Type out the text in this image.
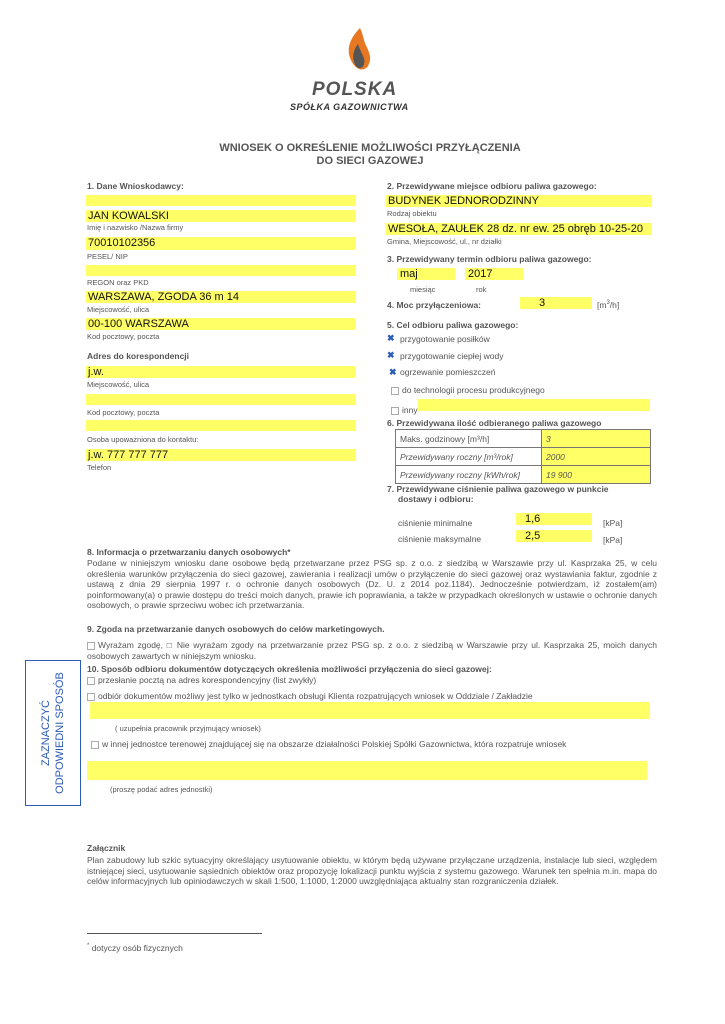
POLSKA
SPÓŁKA GAZOWNICTWA
WNIOSEK O OKREŚLENIE MOŻLIWOŚCI PRZYŁĄCZENIA
DO SIECI GAZOWEJ
1. Dane Wnioskodawcy:
JAN KOWALSKI
Imię i nazwisko /Nazwa firmy
70010102356
PESEL/ NIP
REGON oraz PKD
WARSZAWA, ZGODA 36 m 14
Miejscowość, ulica
00-100 WARSZAWA
Kod pocztowy, poczta
Adres do korespondencji
j.w.
Miejscowość, ulica
Kod pocztowy, poczta
Osoba upoważniona do kontaktu:
j.w. 777 777 777
Telefon
2. Przewidywane miejsce odbioru paliwa gazowego:
BUDYNEK JEDNORODZINNY
Rodzaj obiektu
WESOŁA, ZAUŁEK 28 dz. nr ew. 25 obręb 10-25-20
Gmina, Miejscowość, ul., nr działki
3. Przewidywany termin odbioru paliwa gazowego:
maj	2017
miesiąc	rok
4. Moc przyłączeniowa:	3	$[m^3/h]$
5. Cel odbioru paliwa gazowego:
✖ przygotowanie posiłków
✖ przygotowanie ciepłej wody
✖ ogrzewanie pomieszczeń
do technologii procesu produkcyjnego
inny
6. Przewidywana ilość odbieranego paliwa gazowego
Maks. godzinowy [m³/h]	3
Przewidywany roczny [m³/rok]	2000
Przewidywany roczny [kWh/rok]	19 900
7. Przewidywane ciśnienie paliwa gazowego w punkcie
dostawy i odbioru:
ciśnienie minimalne	1,6	[kPa]
ciśnienie maksymalne	2,5	[kPa]
8. Informacja o przetwarzaniu danych osobowych*
Podane w niniejszym wniosku dane osobowe będą przetwarzane przez PSG sp. z o.o. z siedzibą w Warszawie przy ul. Kasprzaka 25, w celu określenia warunków przyłączenia do sieci gazowej, zawierania i realizacji umów o przyłączenie do sieci gazowej oraz wystawiania faktur, zgodnie z ustawą z dnia 29 sierpnia 1997 r. o ochronie danych osobowych (Dz. U. z 2014 poz.1184). Jednocześnie potwierdzam, iż zostałem(am) poinformowany(a) o prawie dostępu do treści moich danych, prawie ich poprawiania, a także w przypadkach określonych w ustawie o ochronie danych osobowych, o prawie sprzeciwu wobec ich przetwarzania.
9. Zgoda na przetwarzanie danych osobowych do celów marketingowych.
Wyrażam zgodę, □ Nie wyrażam zgody na przetwarzanie przez PSG sp. z o.o. z siedzibą w Warszawie przy ul. Kasprzaka 25, moich danych osobowych zawartych w niniejszym wniosku.
10. Sposób odbioru dokumentów dotyczących określenia możliwości przyłączenia do sieci gazowej:
przesłanie pocztą na adres korespondencyjny (list zwykły)
odbiór dokumentów możliwy jest tylko w jednostkach obsługi Klienta rozpatrujących wniosek w Oddziale / Zakładzie
( uzupełnia pracownik przyjmujący wniosek)
w innej jednostce terenowej znajdującej się na obszarze działalności Polskiej Spółki Gazownictwa, która rozpatruje wniosek
(proszę podać adres jednostki)
ZAZNACZYĆ ODPOWIEDNI SPOSÓB
Załącznik
Plan zabudowy lub szkic sytuacyjny określający usytuowanie obiektu, w którym będą używane przyłączane urządzenia, instalacje lub sieci, względem istniejącej sieci, usytuowanie sąsiednich obiektów oraz propozycję lokalizacji punktu wyjścia z systemu gazowego. Warunek ten spełnia m.in. mapa do celów informacyjnych lub opiniodawczych w skali 1:500, 1:1000, 1:2000 uwzględniająca aktualny stan rozgraniczenia działek.
* dotyczy osób fizycznych
